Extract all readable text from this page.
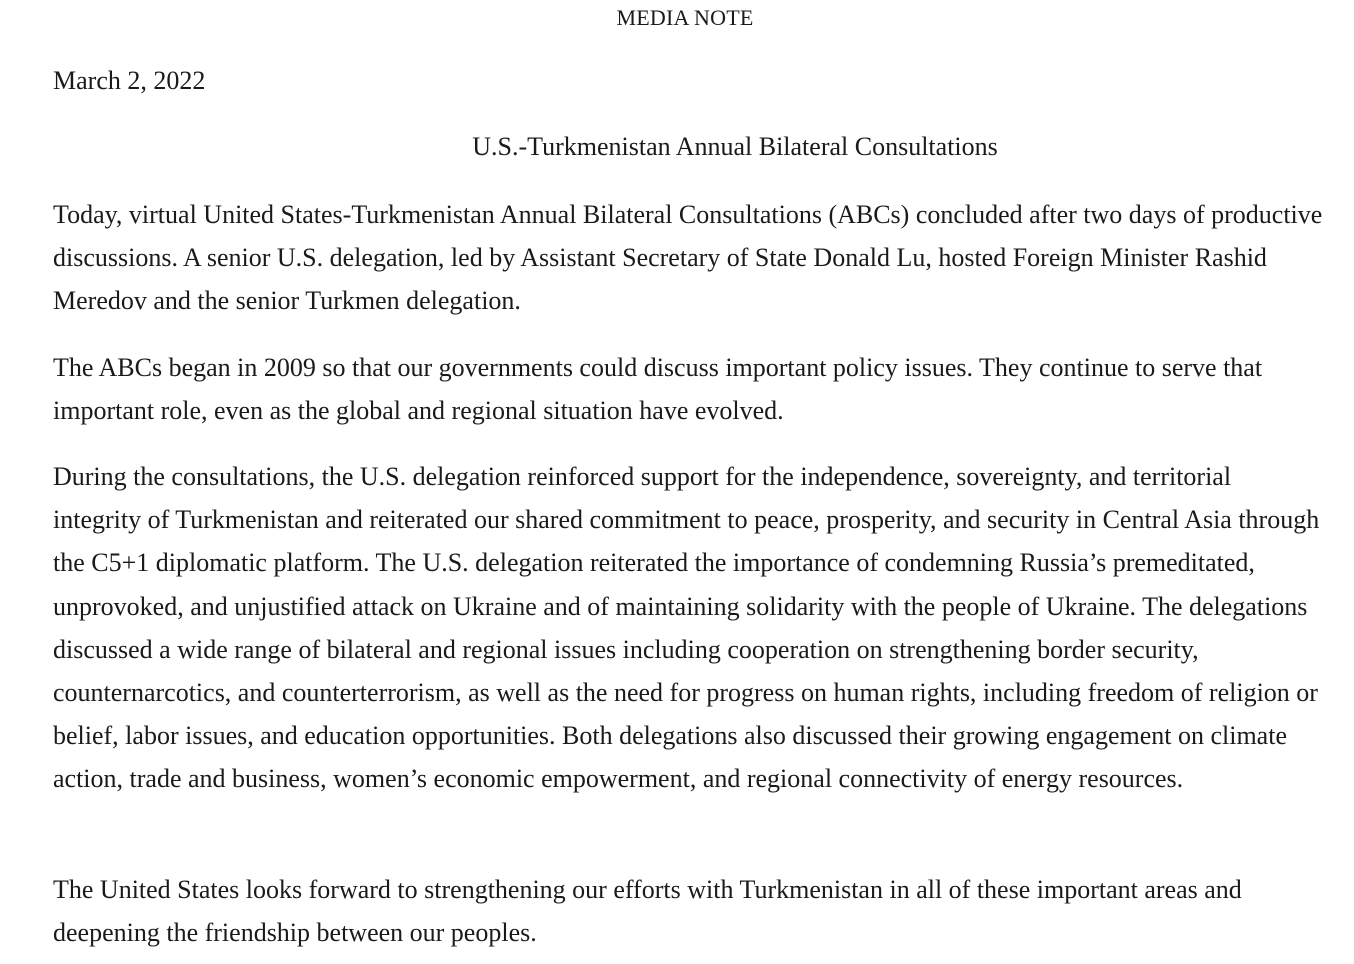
MEDIA NOTE
March 2, 2022
U.S.-Turkmenistan Annual Bilateral Consultations

Today, virtual United States-Turkmenistan Annual Bilateral Consultations (ABCs) concluded after two days of productive discussions. A senior U.S. delegation, led by Assistant Secretary of State Donald Lu, hosted Foreign Minister Rashid Meredov and the senior Turkmen delegation.

The ABCs began in 2009 so that our governments could discuss important policy issues. They continue to serve that important role, even as the global and regional situation have evolved.

During the consultations, the U.S. delegation reinforced support for the independence, sovereignty, and territorial integrity of Turkmenistan and reiterated our shared commitment to peace, prosperity, and security in Central Asia through the C5+1 diplomatic platform. The U.S. delegation reiterated the importance of condemning Russia’s premeditated, unprovoked, and unjustified attack on Ukraine and of maintaining solidarity with the people of Ukraine. The delegations discussed a wide range of bilateral and regional issues including cooperation on strengthening border security, counternarcotics, and counterterrorism, as well as the need for progress on human rights, including freedom of religion or belief, labor issues, and education opportunities. Both delegations also discussed their growing engagement on climate action, trade and business, women’s economic empowerment, and regional connectivity of energy resources.

The United States looks forward to strengthening our efforts with Turkmenistan in all of these important areas and deepening the friendship between our peoples.
